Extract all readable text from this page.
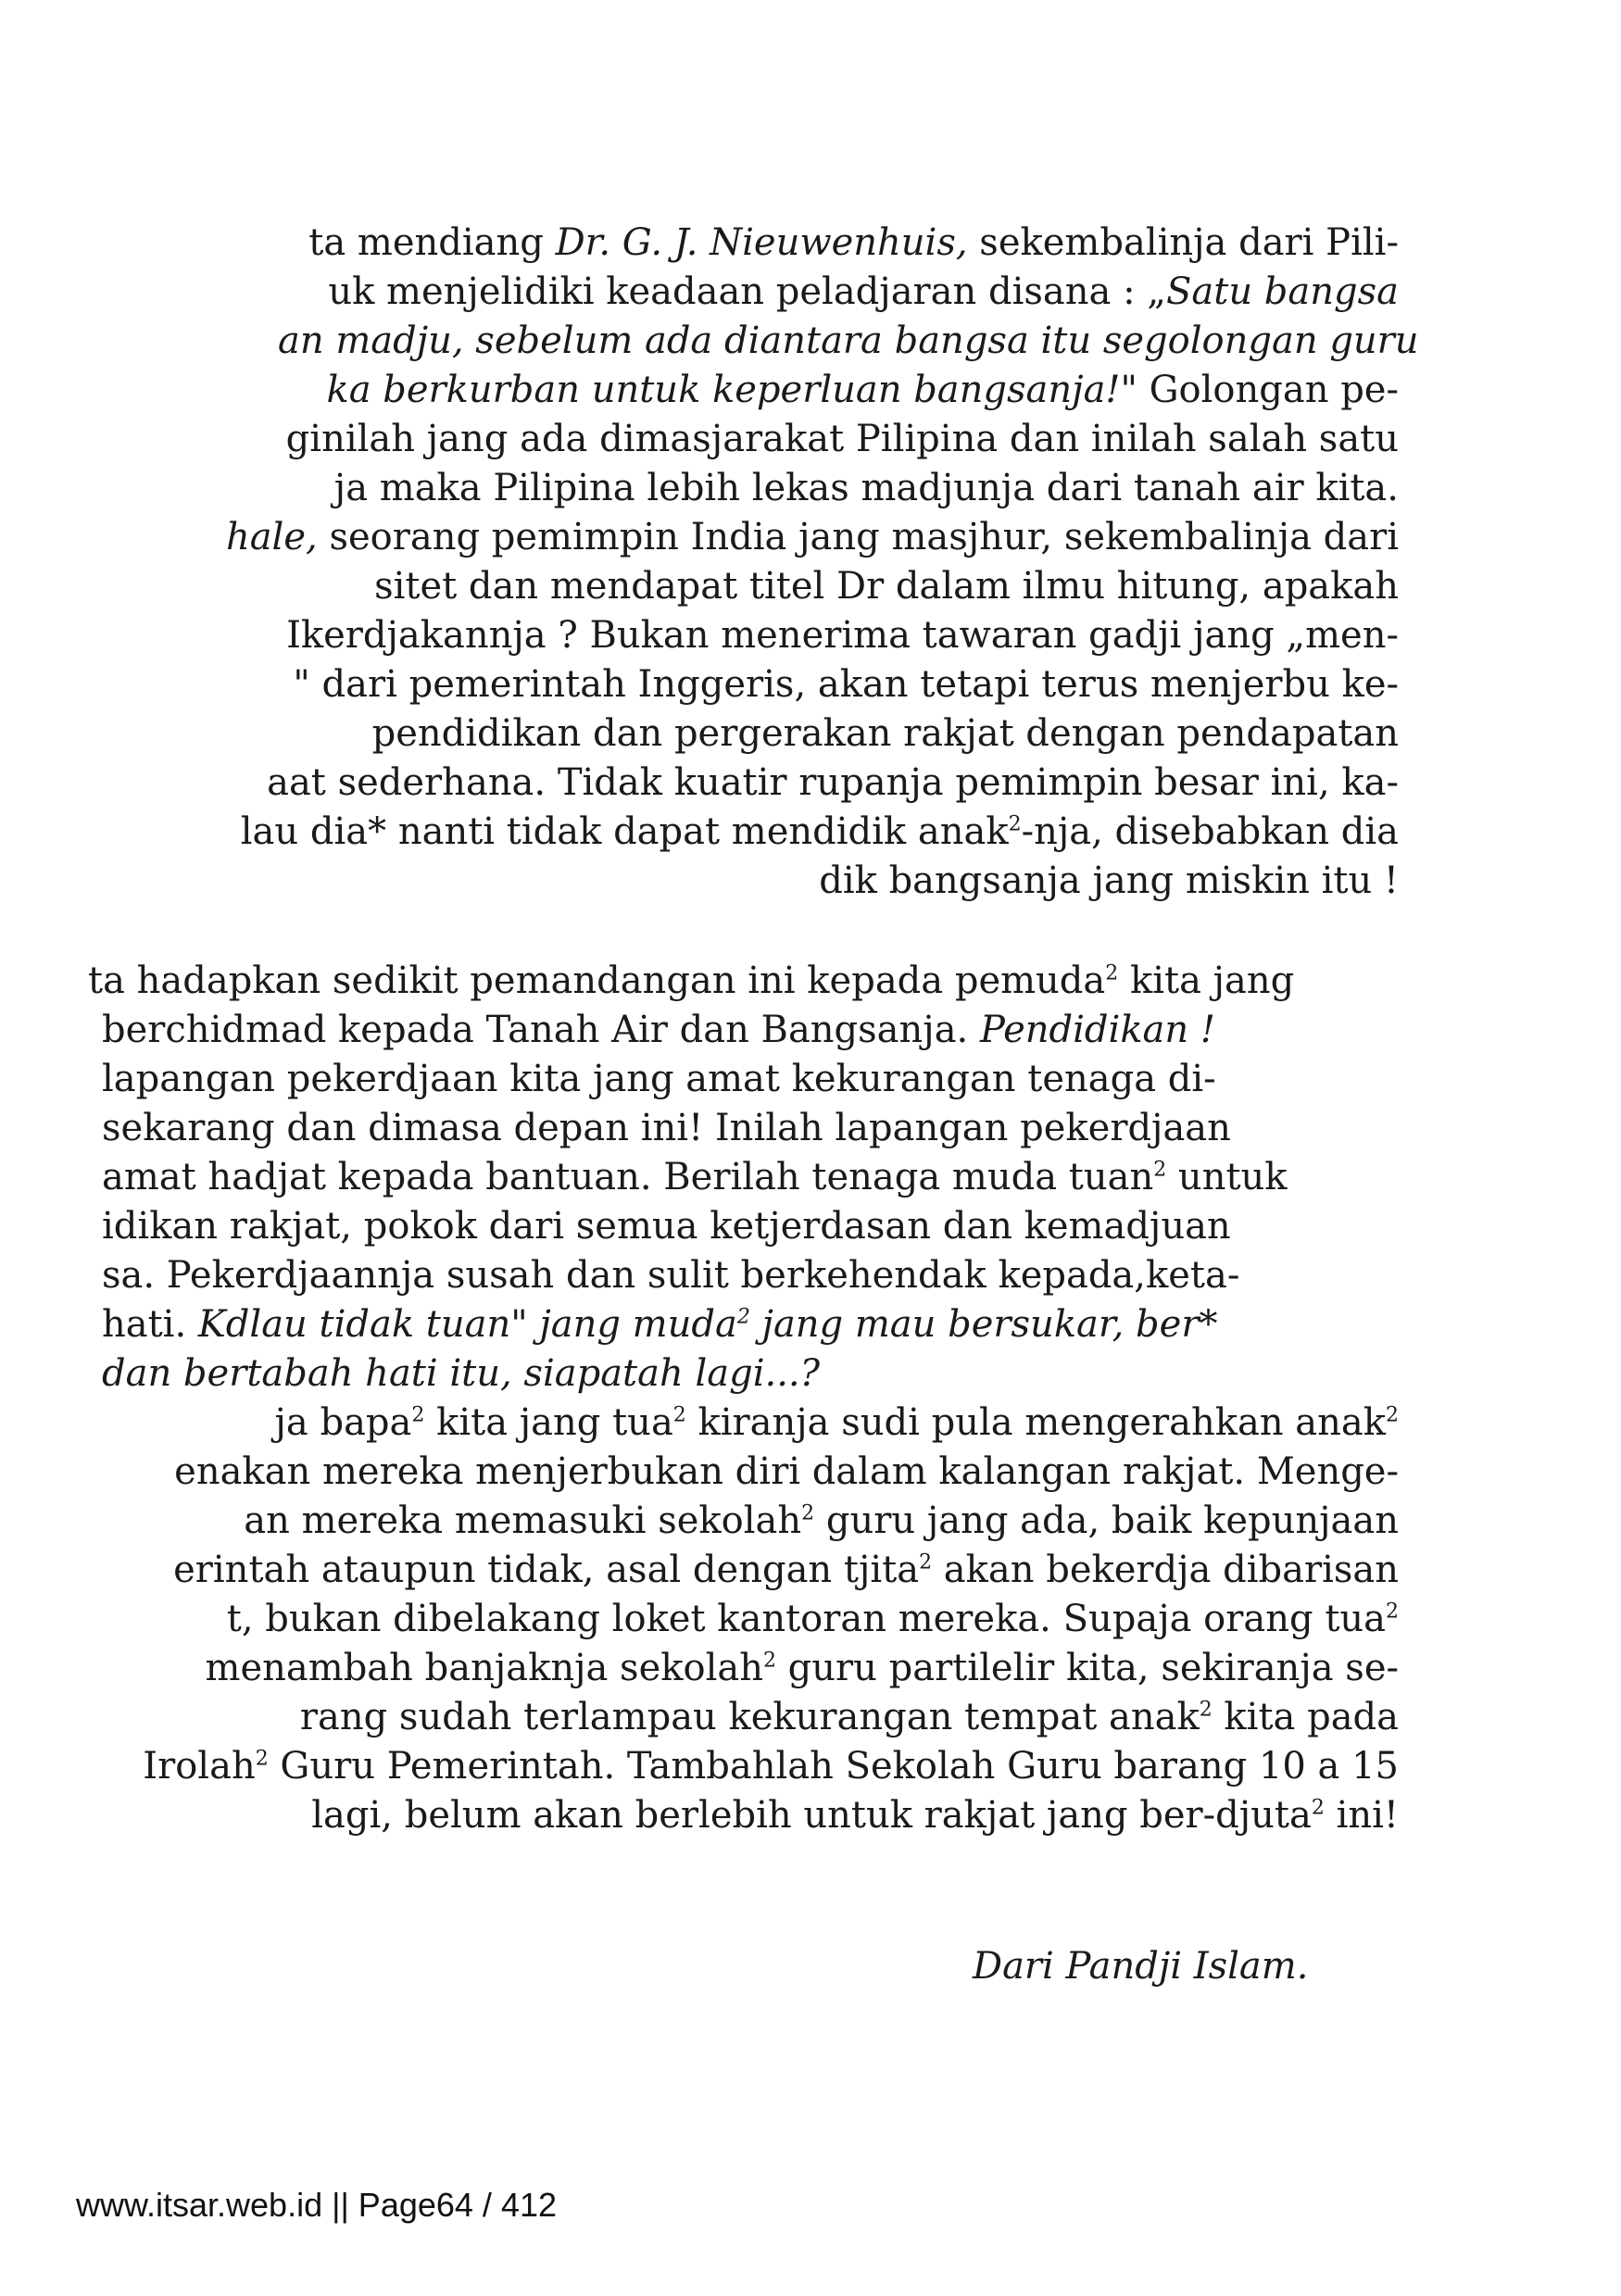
ta mendiang Dr. G. J. Nieuwenhuis, sekembalinja dari Pili-
uk menjelidiki keadaan peladjaran disana : „Satu bangsa
an madju, sebelum ada diantara bangsa itu segolongan guru
ka berkurban untuk keperluan bangsanja!" Golongan pe-
ginilah jang ada dimasjarakat Pilipina dan inilah salah satu
ja maka Pilipina lebih lekas madjunja dari tanah air kita.
hale, seorang pemimpin India jang masjhur, sekembalinja dari
sitet dan mendapat titel Dr dalam ilmu hitung, apakah
Ikerdjakannja ? Bukan menerima tawaran gadji jang „men-
" dari pemerintah Inggeris, akan tetapi terus menjerbu ke-
pendidikan dan pergerakan rakjat dengan pendapatan
aat sederhana. Tidak kuatir rupanja pemimpin besar ini, ka-
lau dia* nanti tidak dapat mendidik anak$^2$-nja, disebabkan dia
dik bangsanja jang miskin itu !
ta hadapkan sedikit pemandangan ini kepada pemuda$^2$ kita jang
berchidmad kepada Tanah Air dan Bangsanja. Pendidikan !
lapangan pekerdjaan kita jang amat kekurangan tenaga di-
sekarang dan dimasa depan ini! Inilah lapangan pekerdjaan
amat hadjat kepada bantuan. Berilah tenaga muda tuan$^2$ untuk
idikan rakjat, pokok dari semua ketjerdasan dan kemadjuan
sa. Pekerdjaannja susah dan sulit berkehendak kepada,keta-
hati. Kdlau tidak tuan" jang muda$^2$ jang mau bersukar, ber*
dan bertabah hati itu, siapatah lagi...?
ja bapa$^2$ kita jang tua$^2$ kiranja sudi pula mengerahkan anak$^2$
enakan mereka menjerbukan diri dalam kalangan rakjat. Menge-
an mereka memasuki sekolah$^2$ guru jang ada, baik kepunjaan
erintah ataupun tidak, asal dengan tjita$^2$ akan bekerdja dibarisan
t, bukan dibelakang loket kantoran mereka. Supaja orang tua$^2$
menambah banjaknja sekolah$^2$ guru partilelir kita, sekiranja se-
rang sudah terlampau kekurangan tempat anak$^2$ kita pada
Irolah$^2$ Guru Pemerintah. Tambahlah Sekolah Guru barang 10 a 15
lagi, belum akan berlebih untuk rakjat jang ber-djuta$^2$ ini!
Dari Pandji Islam.
www.itsar.web.id || Page64 / 412
